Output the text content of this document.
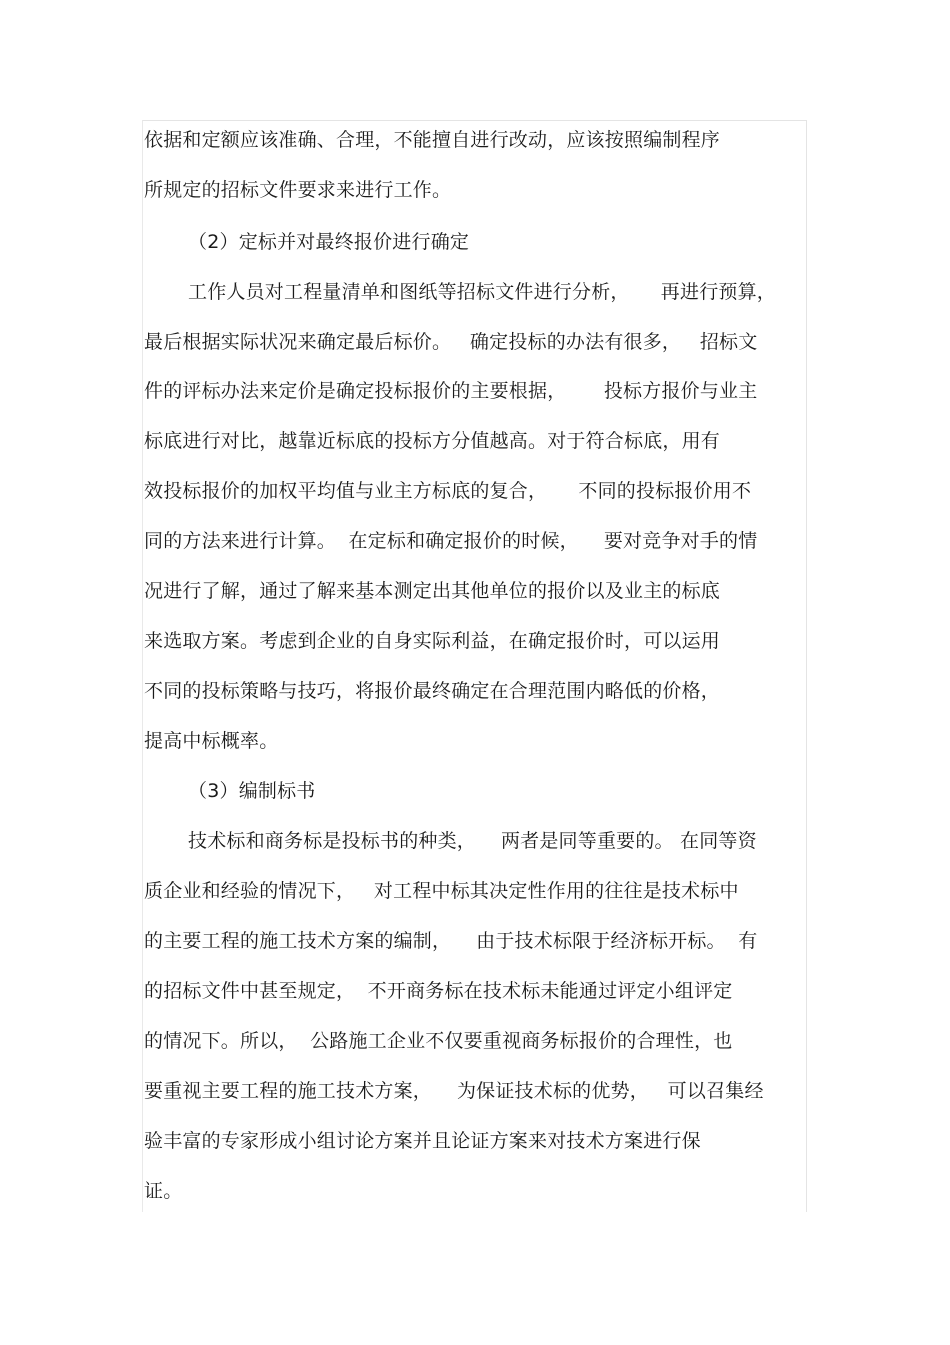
依据和定额应该准确、合理，不能擅自进行改动，应该按照编制程序
所规定的招标文件要求来进行工作。
（2）定标并对最终报价进行确定
工作人员对工程量清单和图纸等招标文件进行分析，     再进行预算，
最后根据实际状况来确定最后标价。   确定投标的办法有很多，   招标文
件的评标办法来定价是确定投标报价的主要根据，      投标方报价与业主
标底进行对比，越靠近标底的投标方分值越高。对于符合标底，用有
效投标报价的加权平均值与业主方标底的复合，     不同的投标报价用不
同的方法来进行计算。  在定标和确定报价的时候，    要对竞争对手的情
况进行了解，通过了解来基本测定出其他单位的报价以及业主的标底
来选取方案。考虑到企业的自身实际利益，在确定报价时，可以运用
不同的投标策略与技巧，将报价最终确定在合理范围内略低的价格，
提高中标概率。
（3）编制标书
技术标和商务标是投标书的种类，    两者是同等重要的。 在同等资
质企业和经验的情况下，   对工程中标其决定性作用的往往是技术标中
的主要工程的施工技术方案的编制，    由于技术标限于经济标开标。  有
的招标文件中甚至规定，  不开商务标在技术标未能通过评定小组评定
的情况下。所以，  公路施工企业不仅要重视商务标报价的合理性，也
要重视主要工程的施工技术方案，    为保证技术标的优势，   可以召集经
验丰富的专家形成小组讨论方案并且论证方案来对技术方案进行保
证。
